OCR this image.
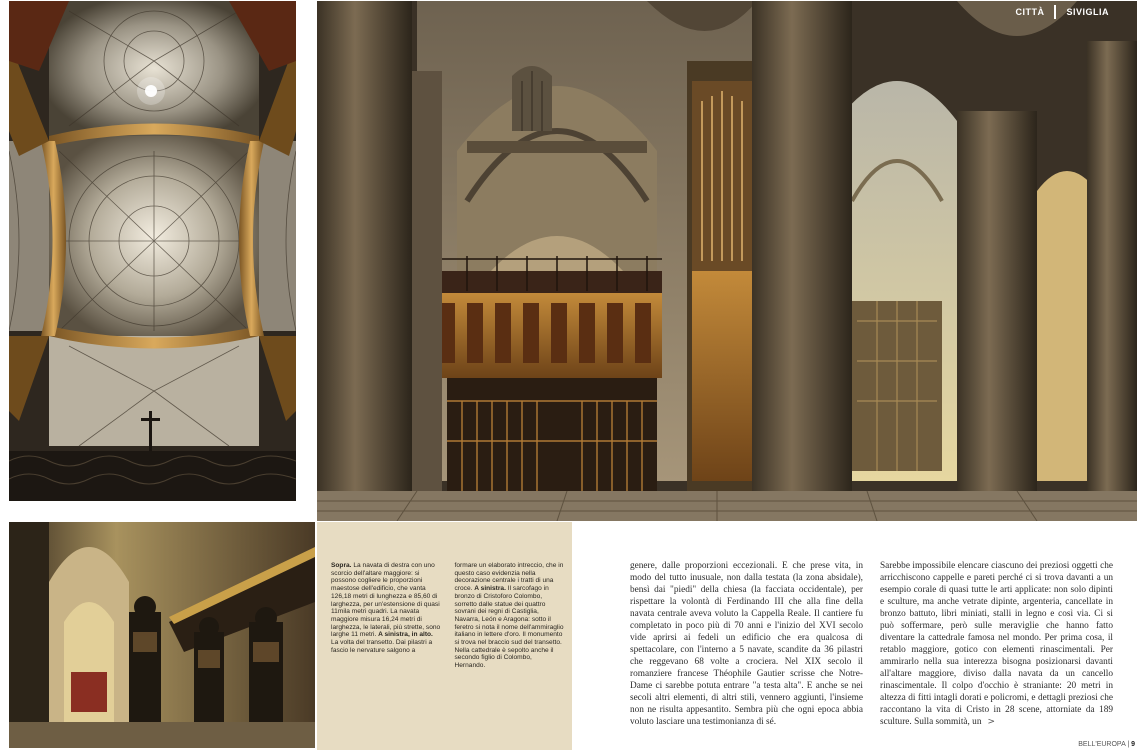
CITTÀ SIVIGLIA
Sopra. La navata di destra con uno scorcio dell'altare maggiore: si possono cogliere le proporzioni maestose dell'edificio, che vanta 126,18 metri di lunghezza e 85,60 di larghezza, per un'estensione di quasi 11mila metri quadri. La navata maggiore misura 16,24 metri di larghezza, le laterali, più strette, sono larghe 11 metri. A sinistra, in alto. La volta del transetto. Dai pilastri a fascio le nervature salgono a
formare un elaborato intreccio, che in questo caso evidenzia nella decorazione centrale i tratti di una croce. A sinistra. Il sarcofago in bronzo di Cristoforo Colombo, sorretto dalle statue dei quattro sovrani dei regni di Castiglia, Navarra, León e Aragona: sotto il feretro si nota il nome dell'ammiraglio italiano in lettere d'oro. Il monumento si trova nel braccio sud del transetto. Nella cattedrale è sepolto anche il secondo figlio di Colombo, Hernando.
genere, dalle proporzioni eccezionali. E che prese vita, in modo del tutto inusuale, non dalla testata (la zona absidale), bensì dai "piedi" della chiesa (la facciata occidentale), per rispettare la volontà di Ferdinando III che alla fine della navata centrale aveva voluto la Cappella Reale. Il cantiere fu completato in poco più di 70 anni e l'inizio del XVI secolo vide aprirsi ai fedeli un edificio che era qualcosa di spettacolare, con l'interno a 5 navate, scandite da 36 pilastri che reggevano 68 volte a crociera. Nel XIX secolo il romanziere francese Théophile Gautier scrisse che Notre-Dame ci sarebbe potuta entrare "a testa alta". E anche se nei secoli altri elementi, di altri stili, vennero aggiunti, l'insieme non ne risulta appesantito. Sembra più che ogni epoca abbia voluto lasciare una testimonianza di sé.
Sarebbe impossibile elencare ciascuno dei preziosi oggetti che arricchiscono cappelle e pareti perché ci si trova davanti a un esempio corale di quasi tutte le arti applicate: non solo dipinti e sculture, ma anche vetrate dipinte, argenteria, cancellate in bronzo battuto, libri miniati, stalli in legno e così via. Ci si può soffermare, però sulle meraviglie che hanno fatto diventare la cattedrale famosa nel mondo. Per prima cosa, il retablo maggiore, gotico con elementi rinascimentali. Per ammirarlo nella sua interezza bisogna posizionarsi davanti all'altare maggiore, diviso dalla navata da un cancello rinascimentale. Il colpo d'occhio è straniante: 20 metri in altezza di fitti intagli dorati e policromi, e dettagli preziosi che raccontano la vita di Cristo in 28 scene, attorniate da 189 sculture. Sulla sommità, un >
BELL'EUROPA | 9
